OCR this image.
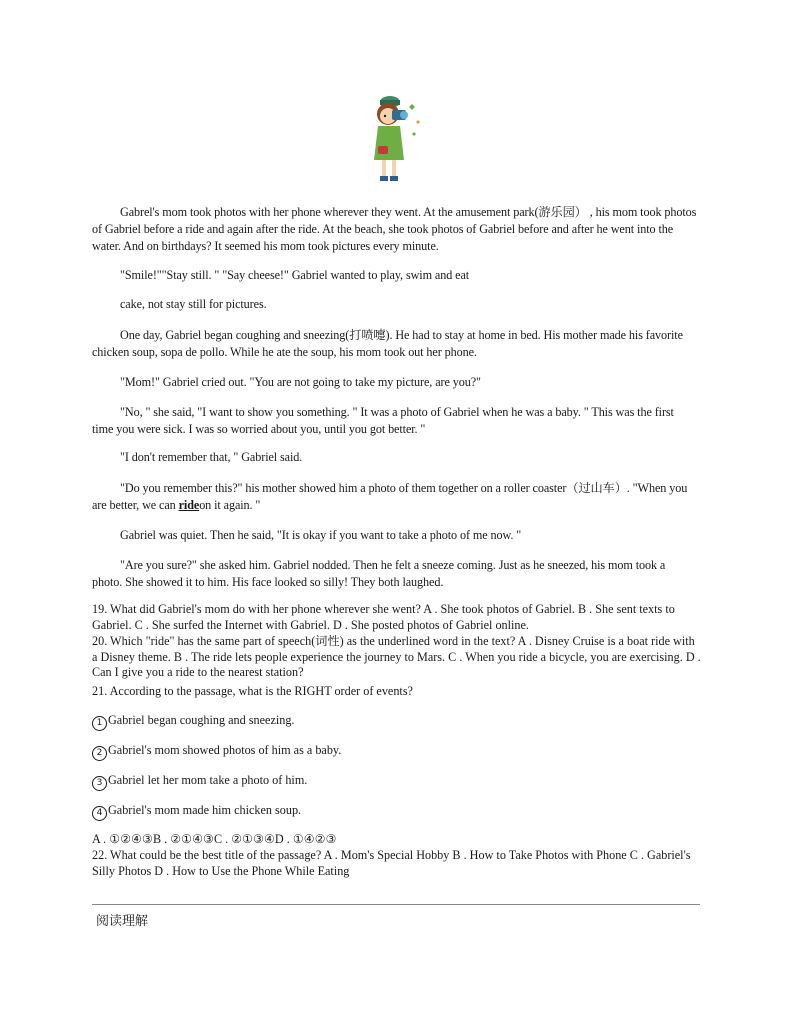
Gabrel's mom took photos with her phone wherever they went. At the amusement park(游乐园） , his mom took photos of Gabriel before a ride and again after the ride. At the beach, she took photos of Gabriel before and after he went into the water. And on birthdays? It seemed his mom took pictures every minute.

"Smile!""Stay still. " "Say cheese!" Gabriel wanted to play, swim and eat

cake, not stay still for pictures.

One day, Gabriel began coughing and sneezing(打喷嚏). He had to stay at home in bed. His mother made his favorite chicken soup, sopa de pollo. While he ate the soup, his mom took out her phone.

"Mom!" Gabriel cried out. "You are not going to take my picture, are you?"

"No, " she said, "I want to show you something. " It was a photo of Gabriel when he was a baby. " This was the first time you were sick. I was so worried about you, until you got better. "

"I don't remember that, " Gabriel said.

"Do you remember this?" his mother showed him a photo of them together on a roller coaster（过山车）. "When you are better, we can rideon it again. "

Gabriel was quiet. Then he said, "It is okay if you want to take a photo of me now. "

"Are you sure?" she asked him. Gabriel nodded. Then he felt a sneeze coming. Just as he sneezed, his mom took a photo. She showed it to him. His face looked so silly! They both laughed.

19. What did Gabriel's mom do with her phone wherever she went? A . She took photos of Gabriel. B . She sent texts to Gabriel. C . She surfed the Internet with Gabriel. D . She posted photos of Gabriel online.

20. Which "ride" has the same part of speech(词性) as the underlined word in the text? A . Disney Cruise is a boat ride with a Disney theme. B . The ride lets people experience the journey to Mars. C . When you ride a bicycle, you are exercising. D . Can I give you a ride to the nearest station?

21. According to the passage, what is the RIGHT order of events?

1 Gabriel began coughing and sneezing.

2 Gabriel's mom showed photos of him as a baby.

3 Gabriel let her mom take a photo of him.

4 Gabriel's mom made him chicken soup.

A . ①②④③B . ②①④③C . ②①③④D . ①④②③

22. What could be the best title of the passage? A . Mom's Special Hobby B . How to Take Photos with Phone C . Gabriel's Silly Photos D . How to Use the Phone While Eating

阅读理解
